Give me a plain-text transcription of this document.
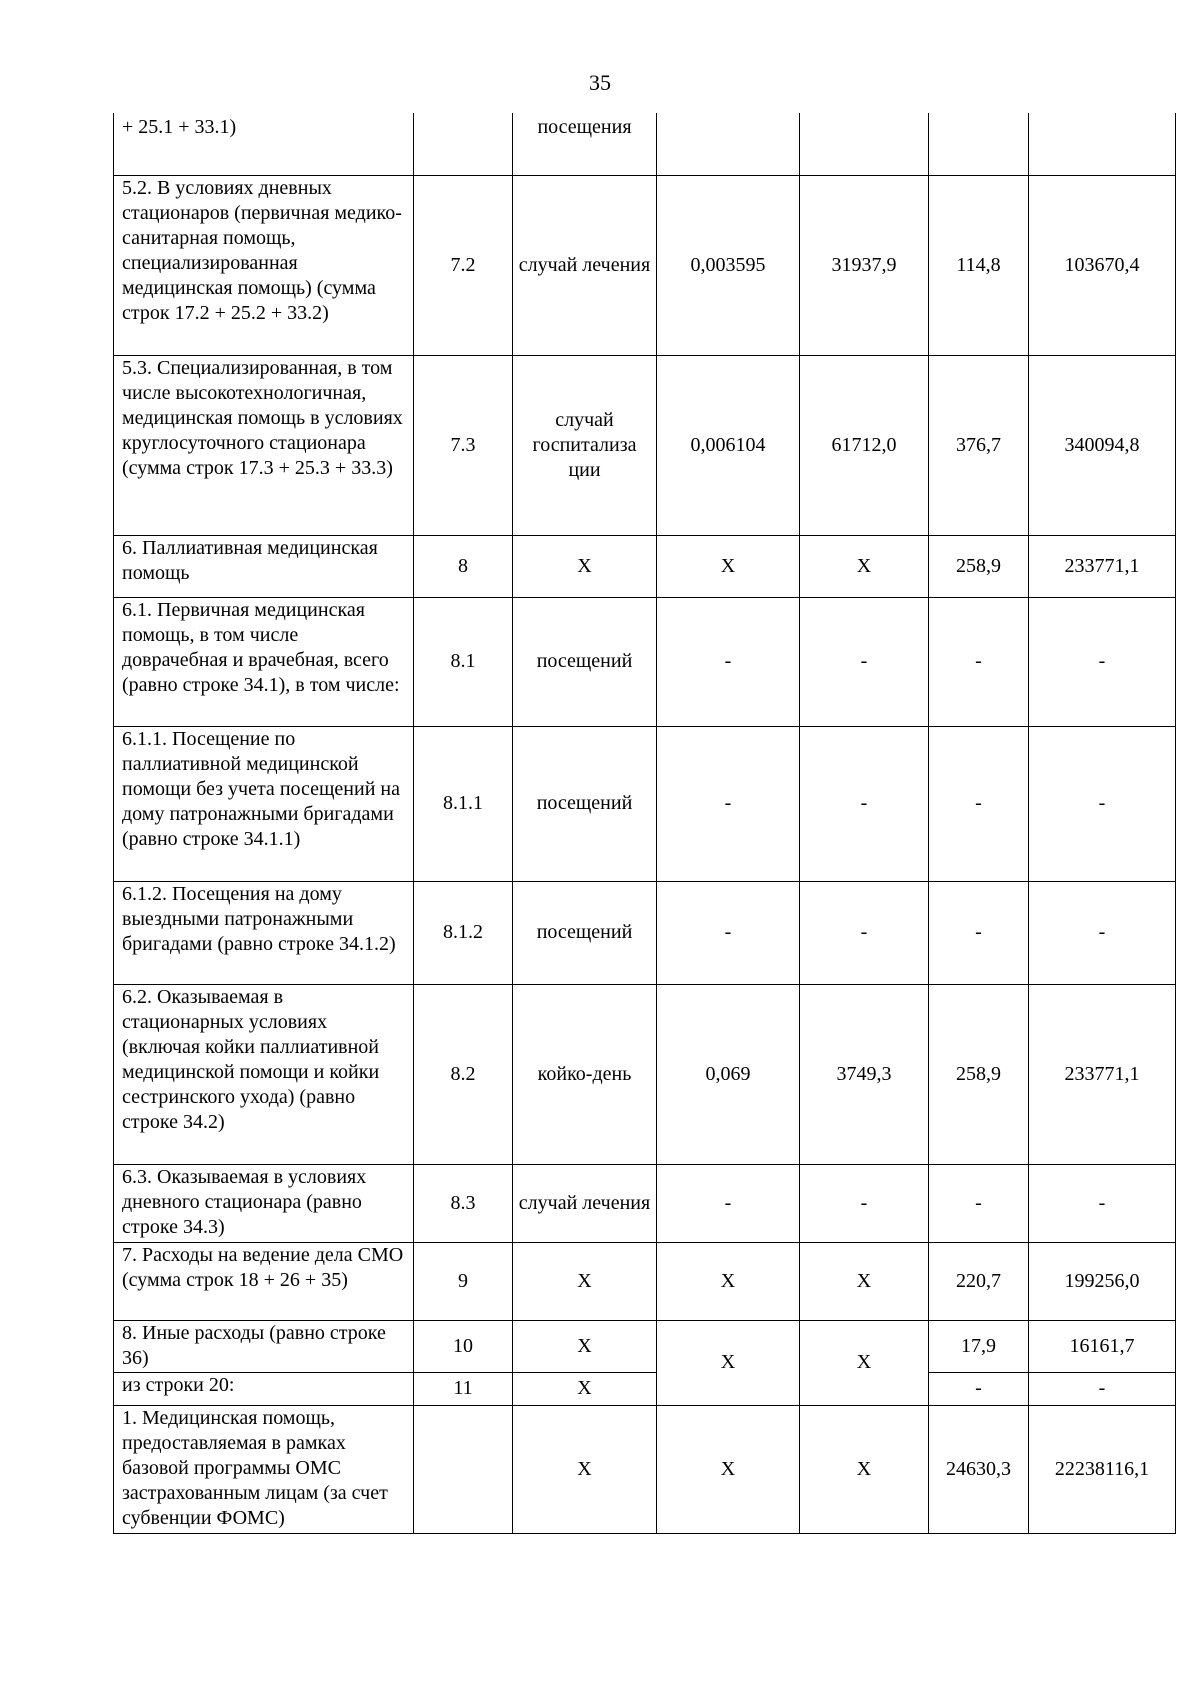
35
+ 25.1 + 33.1)		посещения				
5.2. В условиях дневных стационаров (первичная медико-санитарная помощь, специализированная медицинская помощь) (сумма строк 17.2 + 25.2 + 33.2)	7.2	случай лечения	0,003595	31937,9	114,8	103670,4
5.3. Специализированная, в том числе высокотехнологичная, медицинская помощь в условиях круглосуточного стационара (сумма строк 17.3 + 25.3 + 33.3)	7.3	случай госпитализа ции	0,006104	61712,0	376,7	340094,8
6. Паллиативная медицинская помощь	8	Х	Х	Х	258,9	233771,1
6.1. Первичная медицинская помощь, в том числе доврачебная и врачебная, всего (равно строке 34.1), в том числе:	8.1	посещений	-	-	-	-
6.1.1. Посещение по паллиативной медицинской помощи без учета посещений на дому патронажными бригадами (равно строке 34.1.1)	8.1.1	посещений	-	-	-	-
6.1.2. Посещения на дому выездными патронажными бригадами (равно строке 34.1.2)	8.1.2	посещений	-	-	-	-
6.2. Оказываемая в стационарных условиях (включая койки паллиативной медицинской помощи и койки сестринского ухода) (равно строке 34.2)	8.2	койко-день	0,069	3749,3	258,9	233771,1
6.3. Оказываемая в условиях дневного стационара (равно строке 34.3)	8.3	случай лечения	-	-	-	-
7. Расходы на ведение дела СМО (сумма строк 18 + 26 + 35)	9	Х	Х	Х	220,7	199256,0
8. Иные расходы (равно строке 36)	10	Х	Х	Х	17,9	16161,7
из строки 20:	11	Х			-	-
1. Медицинская помощь, предоставляемая в рамках базовой программы ОМС застрахованным лицам (за счет субвенции ФОМС)		Х	Х	Х	24630,3	22238116,1
